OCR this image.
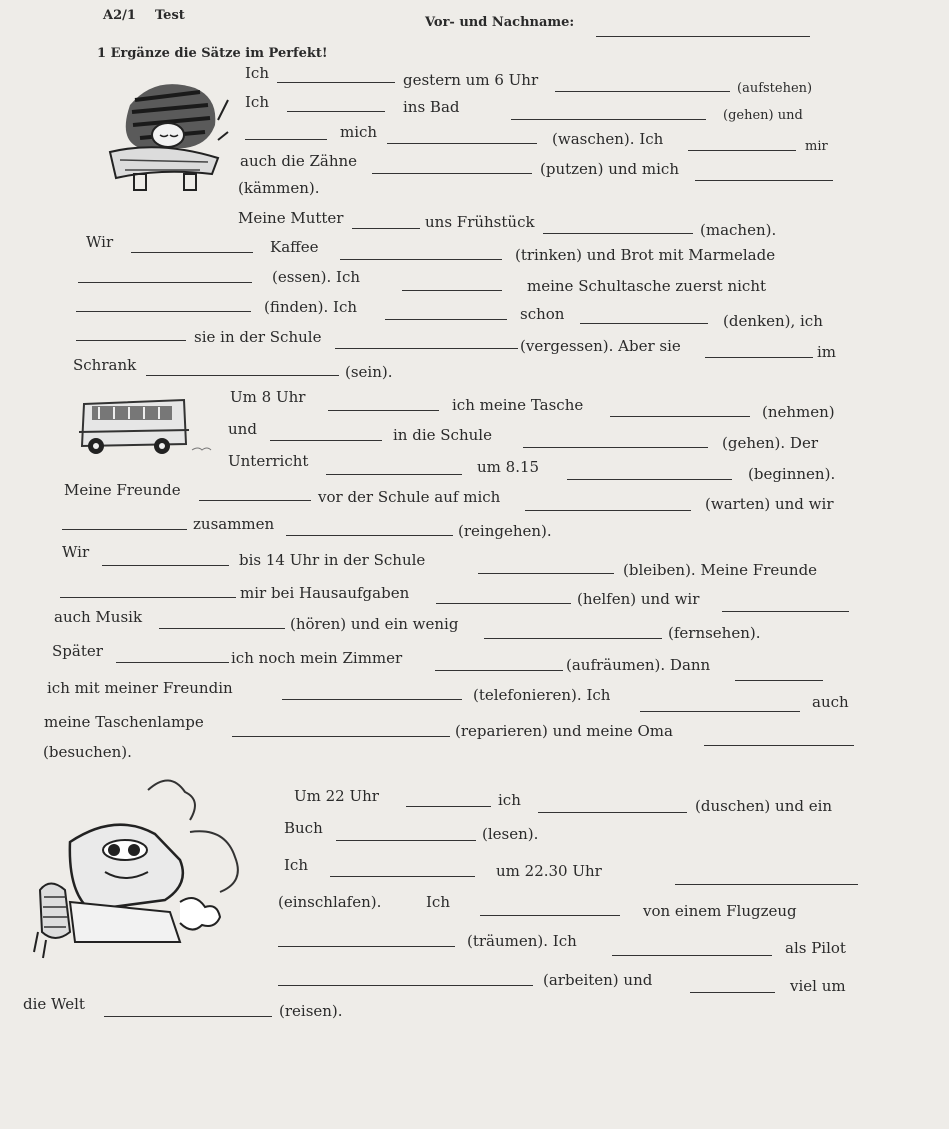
A2/1 Test	Vor- und Nachname:
1 Ergänze die Sätze im Perfekt!
Ich	gestern um 6 Uhr	(aufstehen)
Ich	ins Bad	(gehen) und
mich	(waschen). Ich	mir
auch die Zähne	(putzen) und mich
(kämmen).
Meine Mutter	uns Frühstück	(machen).
Wir	Kaffee	(trinken) und Brot mit Marmelade
(essen). Ich	meine Schultasche zuerst nicht
(finden). Ich	schon	(denken), ich
sie in der Schule	(vergessen). Aber sie	im
Schrank	(sein).
Um 8 Uhr	ich meine Tasche	(nehmen)
und	in die Schule	(gehen). Der
Unterricht	um 8.15	(beginnen).
Meine Freunde	vor der Schule auf mich	(warten) und wir
zusammen	(reingehen).
Wir	bis 14 Uhr in der Schule
(bleiben). Meine Freunde
mir bei Hausaufgaben	(helfen) und wir
auch Musik	(hören) und ein wenig	(fernsehen).
Später	ich noch mein Zimmer	(aufräumen). Dann
ich mit meiner Freundin	(telefonieren). Ich	auch
meine Taschenlampe	(reparieren) und meine Oma
(besuchen).
Um 22 Uhr	ich	(duschen) und ein
Buch	(lesen).
Ich	um 22.30 Uhr
(einschlafen).	Ich	von einem Flugzeug
(träumen). Ich	als Pilot
(arbeiten) und	viel um
die Welt	(reisen).
